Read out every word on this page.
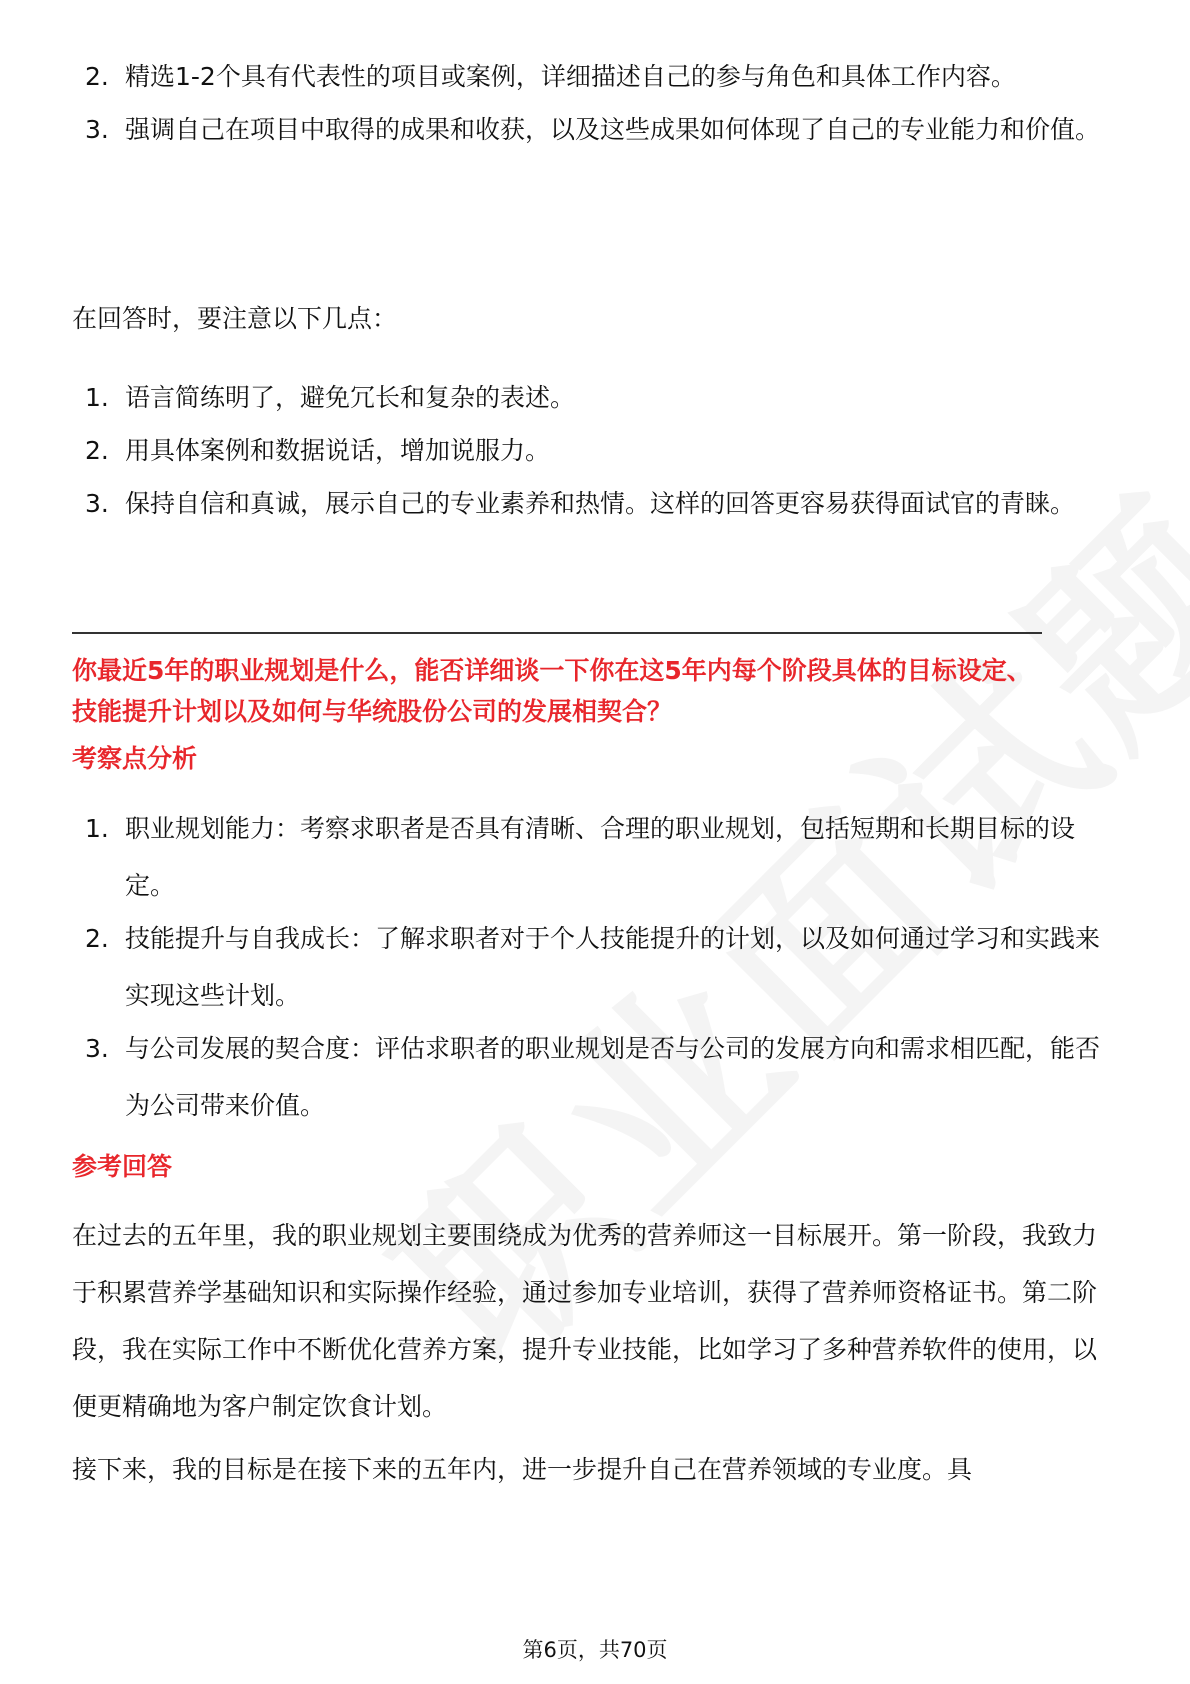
2. 精选1-2个具有代表性的项目或案例，详细描述自己的参与角色和具体工作内容。
3. 强调自己在项目中取得的成果和收获，以及这些成果如何体现了自己的专业能力和价值。

在回答时，要注意以下几点：

1. 语言简练明了，避免冗长和复杂的表述。
2. 用具体案例和数据说话，增加说服力。
3. 保持自信和真诚，展示自己的专业素养和热情。这样的回答更容易获得面试官的青睐。

你最近5年的职业规划是什么，能否详细谈一下你在这5年内每个阶段具体的目标设定、技能提升计划以及如何与华统股份公司的发展相契合？

考察点分析

1. 职业规划能力：考察求职者是否具有清晰、合理的职业规划，包括短期和长期目标的设定。
2. 技能提升与自我成长：了解求职者对于个人技能提升的计划，以及如何通过学习和实践来实现这些计划。
3. 与公司发展的契合度：评估求职者的职业规划是否与公司的发展方向和需求相匹配，能否为公司带来价值。

参考回答

在过去的五年里，我的职业规划主要围绕成为优秀的营养师这一目标展开。第一阶段，我致力于积累营养学基础知识和实际操作经验，通过参加专业培训，获得了营养师资格证书。第二阶段，我在实际工作中不断优化营养方案，提升专业技能，比如学习了多种营养软件的使用，以便更精确地为客户制定饮食计划。

接下来，我的目标是在接下来的五年内，进一步提升自己在营养领域的专业度。具

第6页，共70页
